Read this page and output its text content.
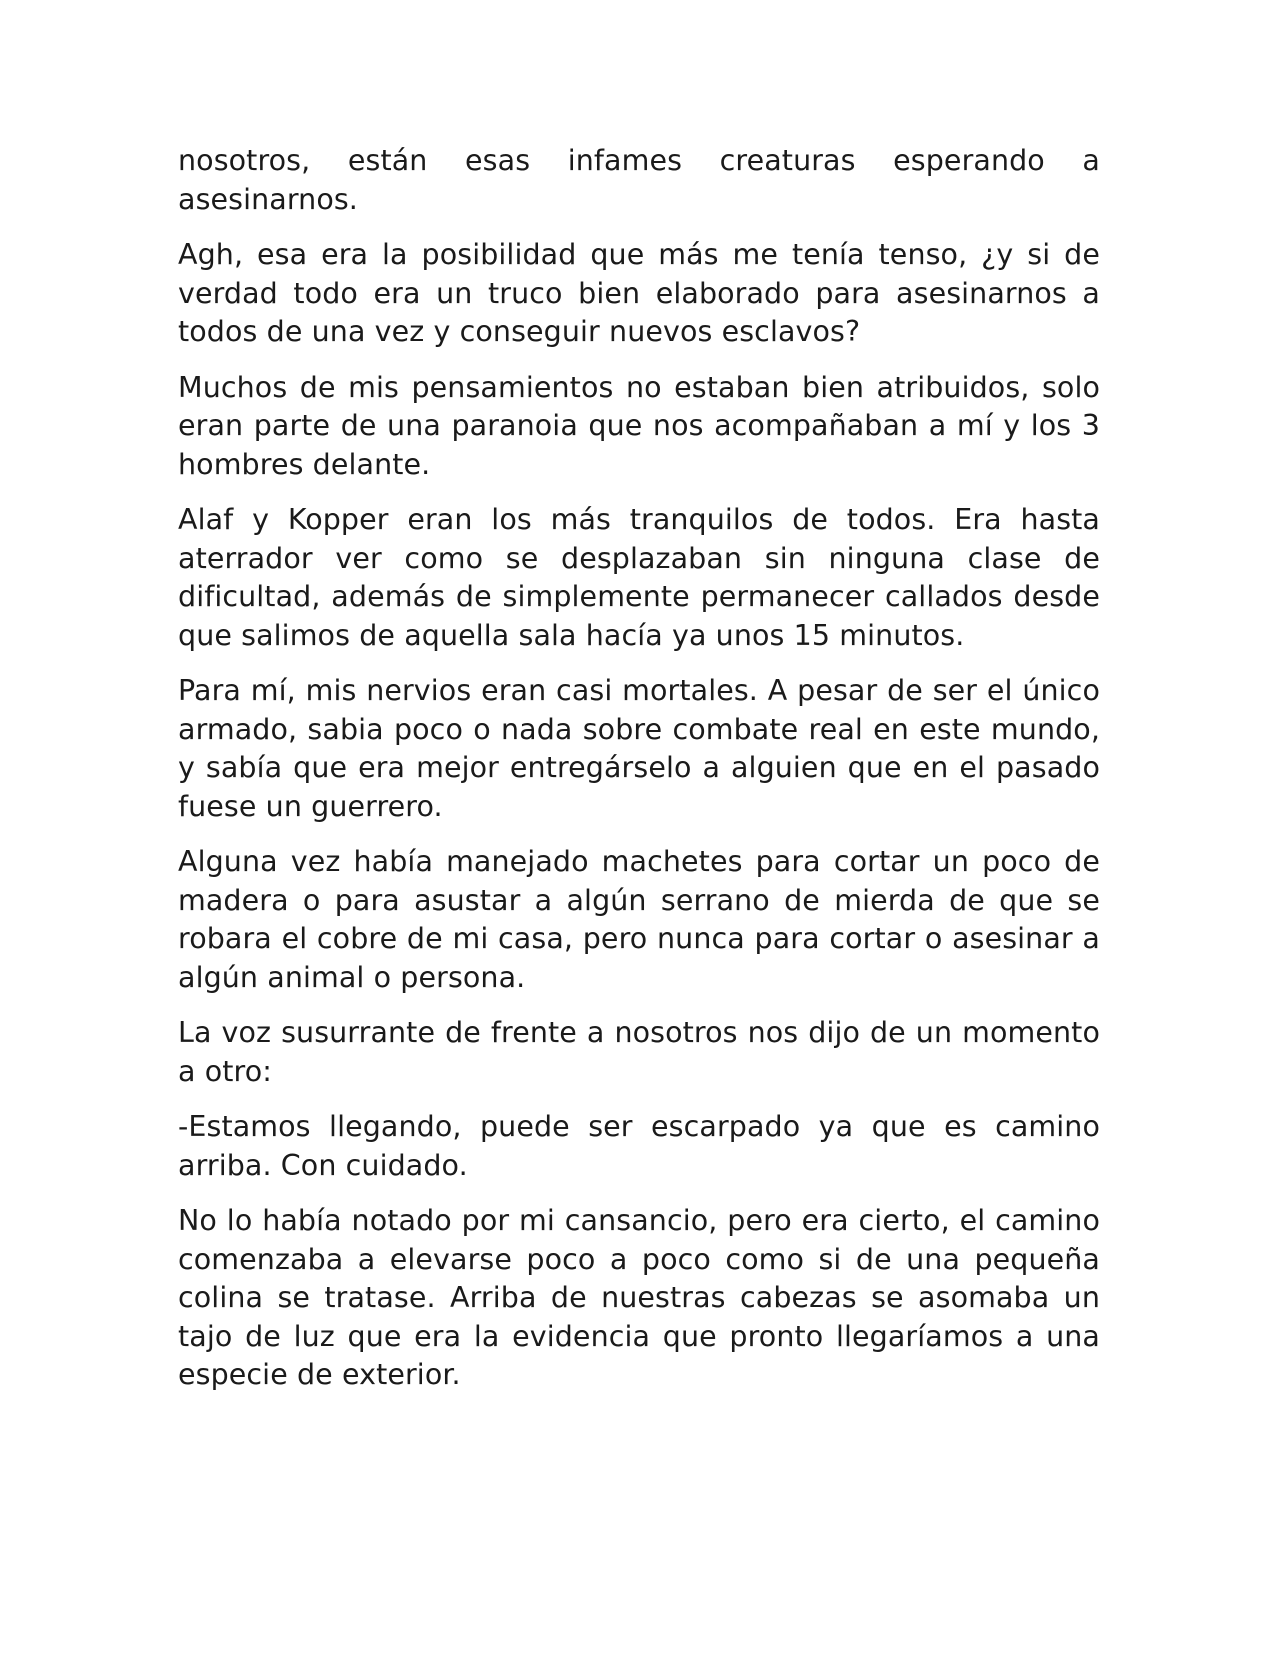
nosotros, están esas infames creaturas esperando a asesinarnos.

Agh, esa era la posibilidad que más me tenía tenso, ¿y si de verdad todo era un truco bien elaborado para asesinarnos a todos de una vez y conseguir nuevos esclavos?

Muchos de mis pensamientos no estaban bien atribuidos, solo eran parte de una paranoia que nos acompañaban a mí y los 3 hombres delante.

Alaf y Kopper eran los más tranquilos de todos. Era hasta aterrador ver como se desplazaban sin ninguna clase de dificultad, además de simplemente permanecer callados desde que salimos de aquella sala hacía ya unos 15 minutos.

Para mí, mis nervios eran casi mortales. A pesar de ser el único armado, sabia poco o nada sobre combate real en este mundo, y sabía que era mejor entregárselo a alguien que en el pasado fuese un guerrero.

Alguna vez había manejado machetes para cortar un poco de madera o para asustar a algún serrano de mierda de que se robara el cobre de mi casa, pero nunca para cortar o asesinar a algún animal o persona.

La voz susurrante de frente a nosotros nos dijo de un momento a otro:

-Estamos llegando, puede ser escarpado ya que es camino arriba. Con cuidado.

No lo había notado por mi cansancio, pero era cierto, el camino comenzaba a elevarse poco a poco como si de una pequeña colina se tratase. Arriba de nuestras cabezas se asomaba un tajo de luz que era la evidencia que pronto llegaríamos a una especie de exterior.
